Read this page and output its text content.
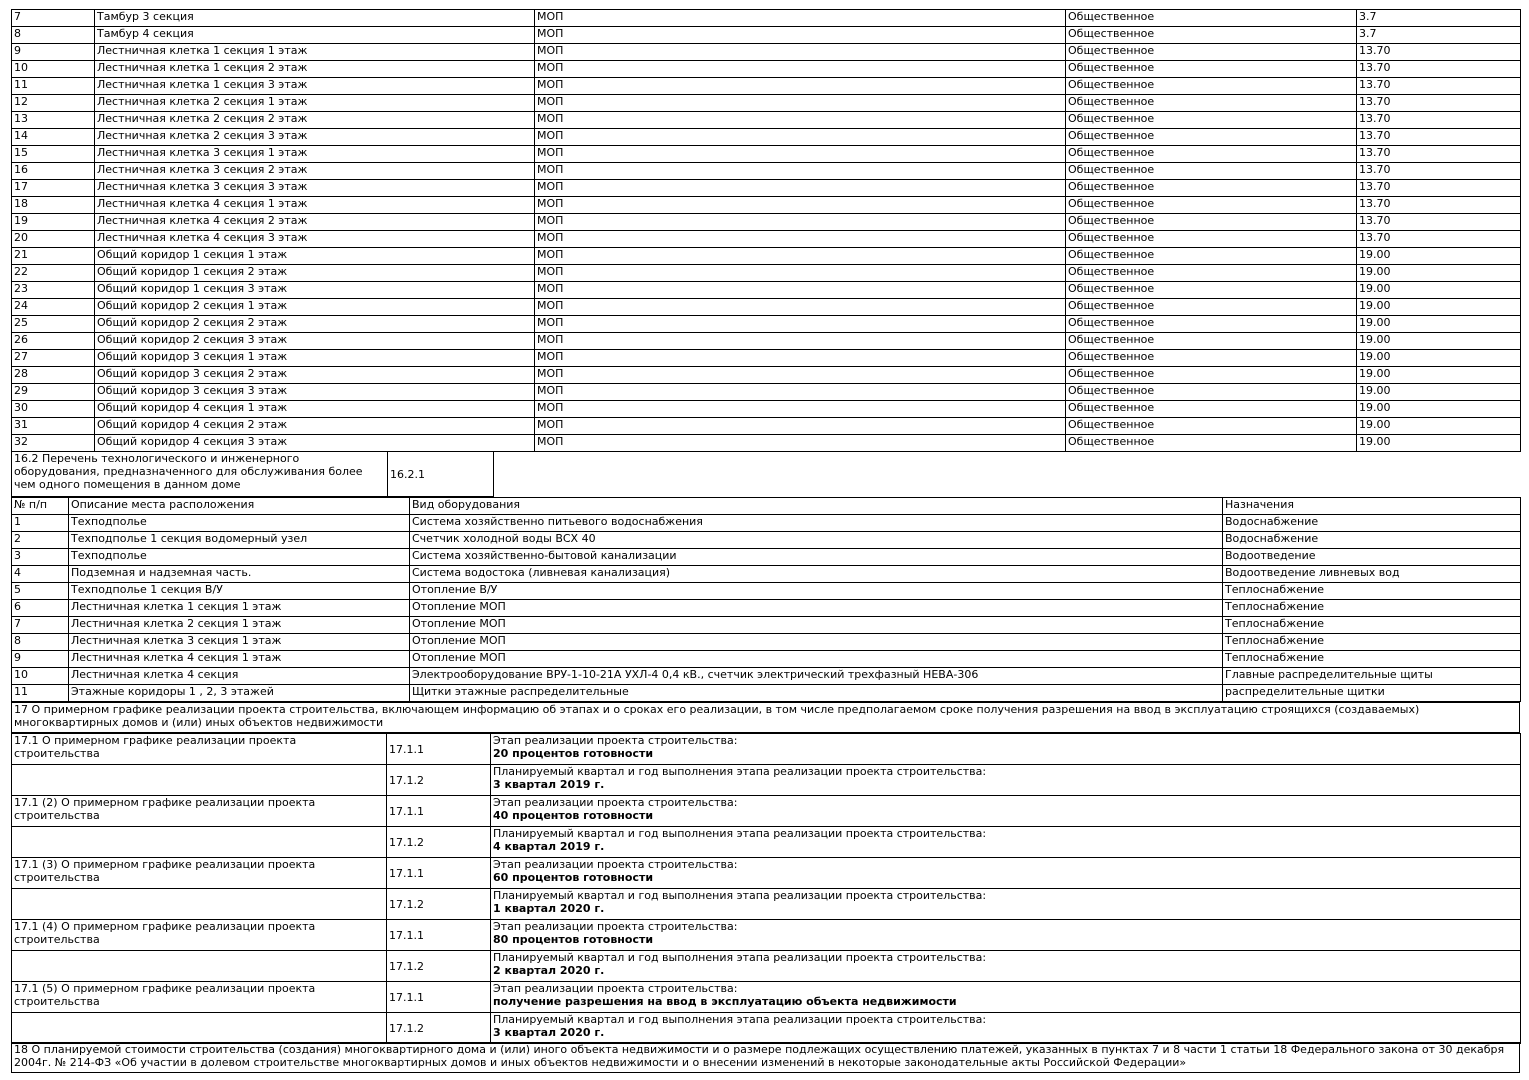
7	Тамбур 3 секция	МОП	Общественное	3.7
8	Тамбур 4 секция	МОП	Общественное	3.7
9	Лестничная клетка 1 секция 1 этаж	МОП	Общественное	13.70
10	Лестничная клетка 1 секция 2 этаж	МОП	Общественное	13.70
11	Лестничная клетка 1 секция 3 этаж	МОП	Общественное	13.70
12	Лестничная клетка 2 секция 1 этаж	МОП	Общественное	13.70
13	Лестничная клетка 2 секция 2 этаж	МОП	Общественное	13.70
14	Лестничная клетка 2 секция 3 этаж	МОП	Общественное	13.70
15	Лестничная клетка 3 секция 1 этаж	МОП	Общественное	13.70
16	Лестничная клетка 3 секция 2 этаж	МОП	Общественное	13.70
17	Лестничная клетка 3 секция 3 этаж	МОП	Общественное	13.70
18	Лестничная клетка 4 секция 1 этаж	МОП	Общественное	13.70
19	Лестничная клетка 4 секция 2 этаж	МОП	Общественное	13.70
20	Лестничная клетка 4 секция 3 этаж	МОП	Общественное	13.70
21	Общий коридор 1 секция 1 этаж	МОП	Общественное	19.00
22	Общий коридор 1 секция 2 этаж	МОП	Общественное	19.00
23	Общий коридор 1 секция 3 этаж	МОП	Общественное	19.00
24	Общий коридор 2 секция 1 этаж	МОП	Общественное	19.00
25	Общий коридор 2 секция 2 этаж	МОП	Общественное	19.00
26	Общий коридор 2 секция 3 этаж	МОП	Общественное	19.00
27	Общий коридор 3 секция 1 этаж	МОП	Общественное	19.00
28	Общий коридор 3 секция 2 этаж	МОП	Общественное	19.00
29	Общий коридор 3 секция 3 этаж	МОП	Общественное	19.00
30	Общий коридор 4 секция 1 этаж	МОП	Общественное	19.00
31	Общий коридор 4 секция 2 этаж	МОП	Общественное	19.00
32	Общий коридор 4 секция 3 этаж	МОП	Общественное	19.00
16.2 Перечень технологического и инженерного оборудования, предназначенного для обслуживания более чем одного помещения в данном доме	16.2.1	
№ п/п	Описание места расположения	Вид оборудования	Назначения
1	Техподполье	Система хозяйственно питьевого водоснабжения	Водоснабжение
2	Техподполье 1 секция водомерный узел	Счетчик холодной воды ВСХ 40	Водоснабжение
3	Техподполье	Система хозяйственно-бытовой канализации	Водоотведение
4	Подземная и надземная часть.	Система водостока (ливневая канализация)	Водоотведение ливневых вод
5	Техподполье 1 секция В/У	Отопление В/У	Теплоснабжение
6	Лестничная клетка 1 секция 1 этаж	Отопление МОП	Теплоснабжение
7	Лестничная клетка 2 секция 1 этаж	Отопление МОП	Теплоснабжение
8	Лестничная клетка 3 секция 1 этаж	Отопление МОП	Теплоснабжение
9	Лестничная клетка 4 секция 1 этаж	Отопление МОП	Теплоснабжение
10	Лестничная клетка 4 секция	Электрооборудование ВРУ-1-10-21А УХЛ-4 0,4 кВ., счетчик электрический трехфазный НЕВА-306	Главные распределительные щиты
11	Этажные коридоры 1 , 2, 3 этажей	Щитки этажные распределительные	распределительные щитки
17 О примерном графике реализации проекта строительства, включающем информацию об этапах и о сроках его реализации, в том числе предполагаемом сроке получения разрешения на ввод в эксплуатацию строящихся (создаваемых) многоквартирных домов и (или) иных объектов недвижимости
17.1 О примерном графике реализации проекта строительства	17.1.1	Этап реализации проекта строительства:
20 процентов готовности

	17.1.2	Планируемый квартал и год выполнения этапа реализации проекта строительства:
3 квартал 2019 г.

17.1 (2) О примерном графике реализации проекта строительства	17.1.1	Этап реализации проекта строительства:
40 процентов готовности

	17.1.2	Планируемый квартал и год выполнения этапа реализации проекта строительства:
4 квартал 2019 г.

17.1 (3) О примерном графике реализации проекта строительства	17.1.1	Этап реализации проекта строительства:
60 процентов готовности

	17.1.2	Планируемый квартал и год выполнения этапа реализации проекта строительства:
1 квартал 2020 г.

17.1 (4) О примерном графике реализации проекта строительства	17.1.1	Этап реализации проекта строительства:
80 процентов готовности

	17.1.2	Планируемый квартал и год выполнения этапа реализации проекта строительства:
2 квартал 2020 г.

17.1 (5) О примерном графике реализации проекта строительства	17.1.1	Этап реализации проекта строительства:
получение разрешения на ввод в эксплуатацию объекта недвижимости

	17.1.2	Планируемый квартал и год выполнения этапа реализации проекта строительства:
3 квартал 2020 г.
18 О планируемой стоимости строительства (создания) многоквартирного дома и (или) иного объекта недвижимости и о размере подлежащих осуществлению платежей, указанных в пунктах 7 и 8 части 1 статьи 18 Федерального закона от 30 декабря 2004г. № 214-ФЗ «Об участии в долевом строительстве многоквартирных домов и иных объектов недвижимости и о внесении изменений в некоторые законодательные акты Российской Федерации»
